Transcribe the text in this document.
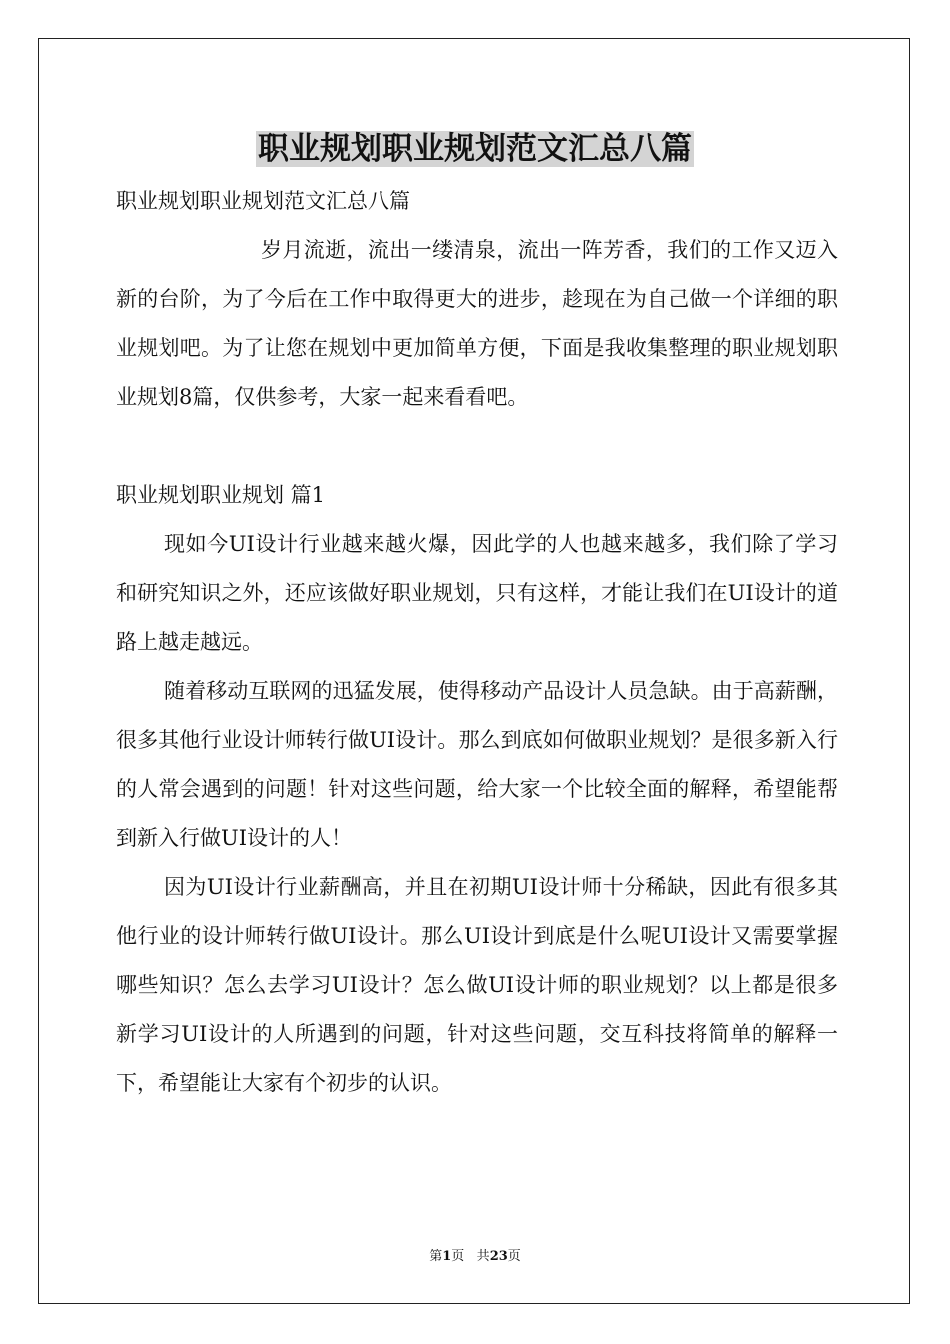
职业规划职业规划范文汇总八篇

职业规划职业规划范文汇总八篇

岁月流逝，流出一缕清泉，流出一阵芳香，我们的工作又迈入新的台阶，为了今后在工作中取得更大的进步，趁现在为自己做一个详细的职业规划吧。为了让您在规划中更加简单方便，下面是我收集整理的职业规划职业规划8篇，仅供参考，大家一起来看看吧。

职业规划职业规划 篇1

现如今UI设计行业越来越火爆，因此学的人也越来越多，我们除了学习和研究知识之外，还应该做好职业规划，只有这样，才能让我们在UI设计的道路上越走越远。

随着移动互联网的迅猛发展，使得移动产品设计人员急缺。由于高薪酬，很多其他行业设计师转行做UI设计。那么到底如何做职业规划？是很多新入行的人常会遇到的问题！针对这些问题，给大家一个比较全面的解释，希望能帮到新入行做UI设计的人！

因为UI设计行业薪酬高，并且在初期UI设计师十分稀缺，因此有很多其他行业的设计师转行做UI设计。那么UI设计到底是什么呢UI设计又需要掌握哪些知识？怎么去学习UI设计？怎么做UI设计师的职业规划？以上都是很多新学习UI设计的人所遇到的问题，针对这些问题，交互科技将简单的解释一下，希望能让大家有个初步的认识。

第1页 共23页
